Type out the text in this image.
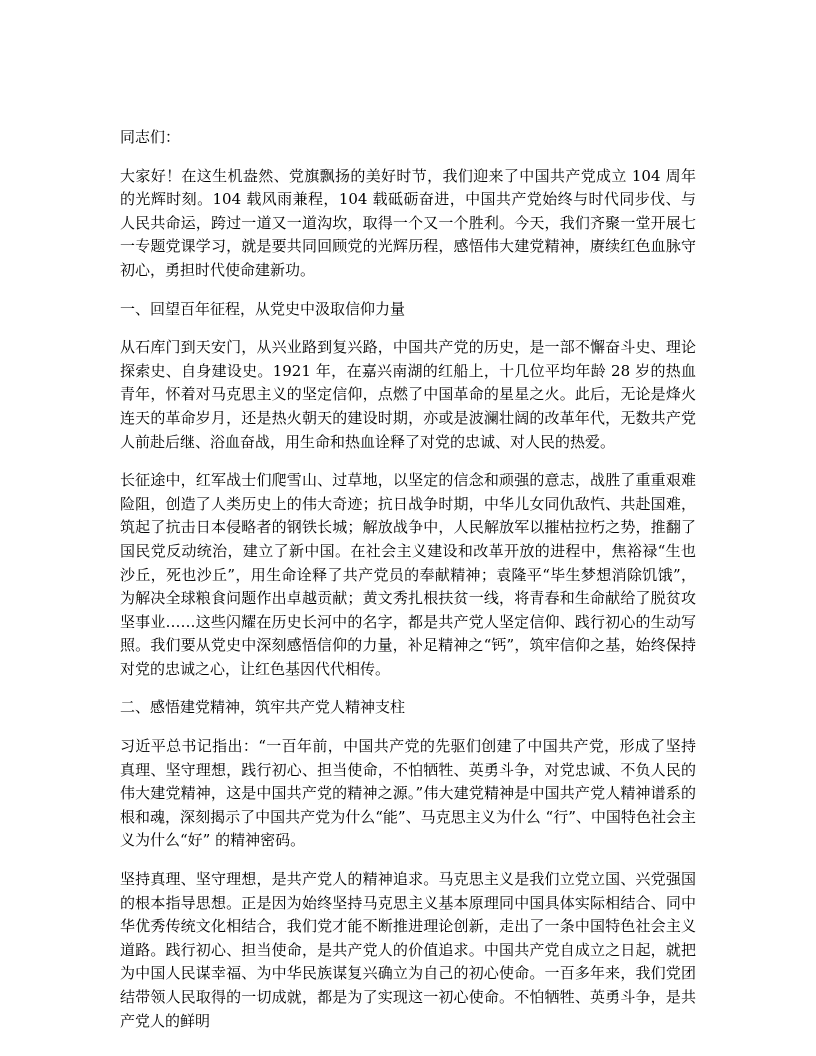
同志们：

大家好！在这生机盎然、党旗飘扬的美好时节，我们迎来了中国共产党成立 104 周年的光辉时刻。104 载风雨兼程，104 载砥砺奋进，中国共产党始终与时代同步伐、与人民共命运，跨过一道又一道沟坎，取得一个又一个胜利。今天，我们齐聚一堂开展七一专题党课学习，就是要共同回顾党的光辉历程，感悟伟大建党精神，赓续红色血脉守初心，勇担时代使命建新功。

一、回望百年征程，从党史中汲取信仰力量

从石库门到天安门，从兴业路到复兴路，中国共产党的历史，是一部不懈奋斗史、理论探索史、自身建设史。1921 年，在嘉兴南湖的红船上，十几位平均年龄 28 岁的热血青年，怀着对马克思主义的坚定信仰，点燃了中国革命的星星之火。此后，无论是烽火连天的革命岁月，还是热火朝天的建设时期，亦或是波澜壮阔的改革年代，无数共产党人前赴后继、浴血奋战，用生命和热血诠释了对党的忠诚、对人民的热爱。

长征途中，红军战士们爬雪山、过草地，以坚定的信念和顽强的意志，战胜了重重艰难险阻，创造了人类历史上的伟大奇迹；抗日战争时期，中华儿女同仇敌忾、共赴国难，筑起了抗击日本侵略者的钢铁长城；解放战争中，人民解放军以摧枯拉朽之势，推翻了国民党反动统治，建立了新中国。在社会主义建设和改革开放的进程中，焦裕禄“生也沙丘，死也沙丘”，用生命诠释了共产党员的奉献精神；袁隆平“毕生梦想消除饥饿”，为解决全球粮食问题作出卓越贡献；黄文秀扎根扶贫一线，将青春和生命献给了脱贫攻坚事业……这些闪耀在历史长河中的名字，都是共产党人坚定信仰、践行初心的生动写照。我们要从党史中深刻感悟信仰的力量，补足精神之“钙”，筑牢信仰之基，始终保持对党的忠诚之心，让红色基因代代相传。

二、感悟建党精神，筑牢共产党人精神支柱

习近平总书记指出：“一百年前，中国共产党的先驱们创建了中国共产党，形成了坚持真理、坚守理想，践行初心、担当使命，不怕牺牲、英勇斗争，对党忠诚、不负人民的伟大建党精神，这是中国共产党的精神之源。”伟大建党精神是中国共产党人精神谱系的根和魂，深刻揭示了中国共产党为什么“能”、马克思主义为什么 “行”、中国特色社会主义为什么“好” 的精神密码。

坚持真理、坚守理想，是共产党人的精神追求。马克思主义是我们立党立国、兴党强国的根本指导思想。正是因为始终坚持马克思主义基本原理同中国具体实际相结合、同中华优秀传统文化相结合，我们党才能不断推进理论创新，走出了一条中国特色社会主义道路。践行初心、担当使命，是共产党人的价值追求。中国共产党自成立之日起，就把为中国人民谋幸福、为中华民族谋复兴确立为自己的初心使命。一百多年来，我们党团结带领人民取得的一切成就，都是为了实现这一初心使命。不怕牺牲、英勇斗争，是共产党人的鲜明
